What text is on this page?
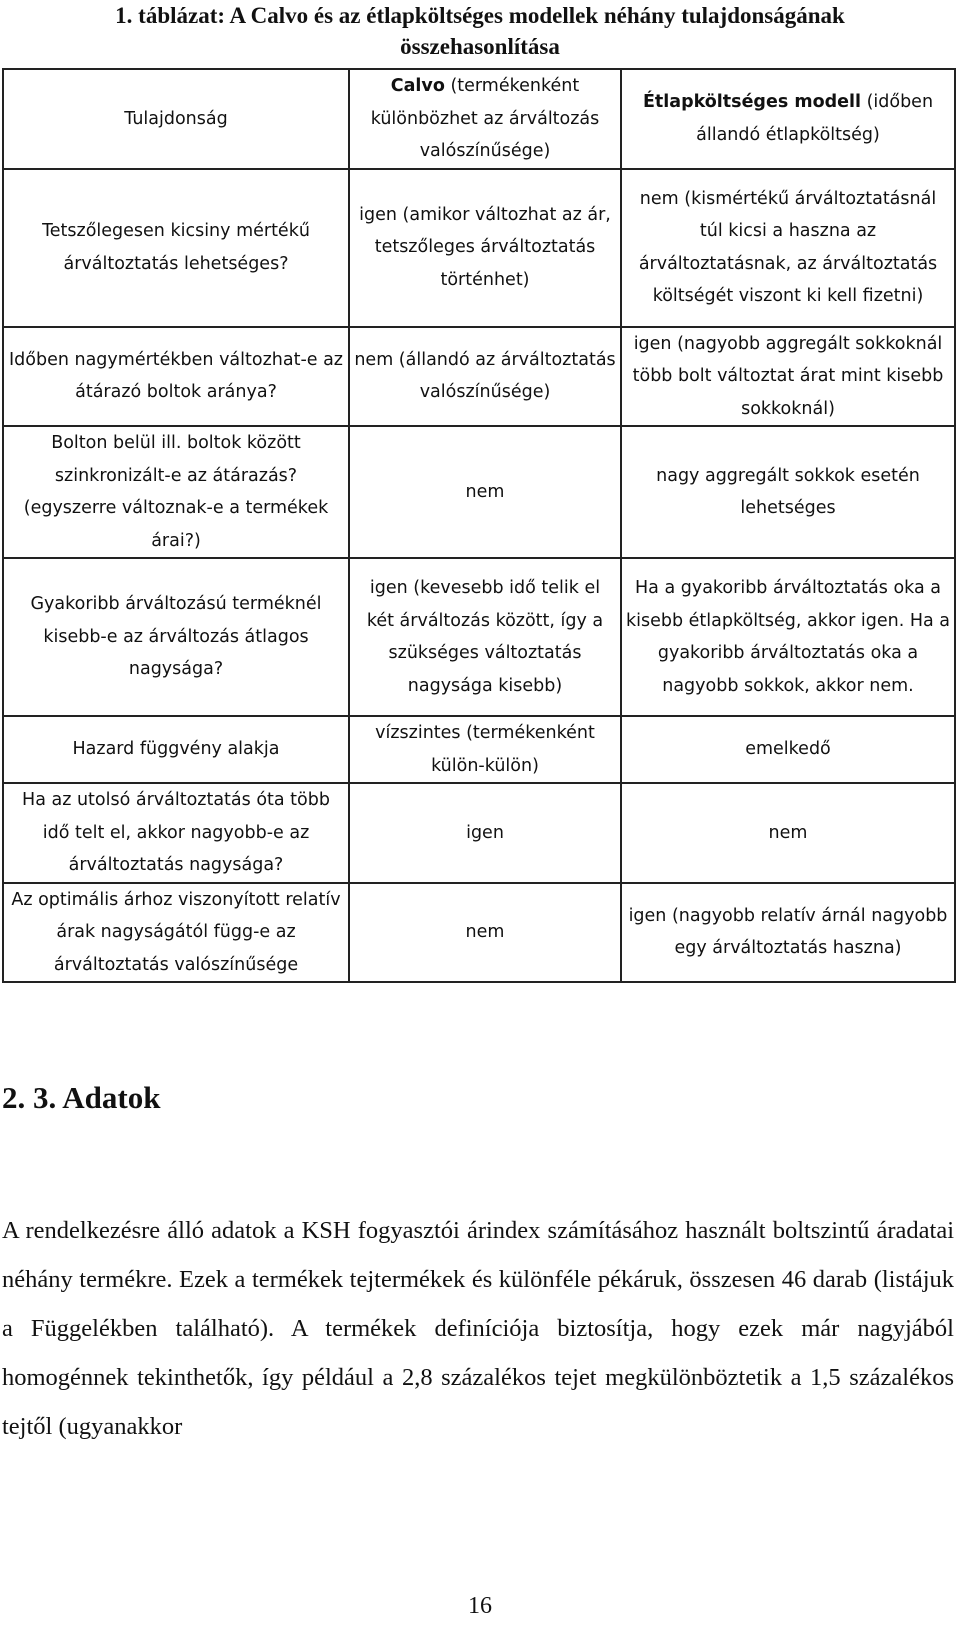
1. táblázat: A Calvo és az étlapköltséges modellek néhány tulajdonságának összehasonlítása
Tulajdonság	Calvo (termékenként különbözhet az árváltozás valószínűsége)	Étlapköltséges modell (időben állandó étlapköltség)
Tetszőlegesen kicsiny mértékű árváltoztatás lehetséges?	igen (amikor változhat az ár, tetszőleges árváltoztatás történhet)	nem (kismértékű árváltoztatásnál túl kicsi a haszna az árváltoztatásnak, az árváltoztatás költségét viszont ki kell fizetni)
Időben nagymértékben változhat-e az átárazó boltok aránya?	nem (állandó az árváltoztatás valószínűsége)	igen (nagyobb aggregált sokkoknál több bolt változtat árat mint kisebb sokkoknál)
Bolton belül ill. boltok között szinkronizált-e az átárazás? (egyszerre változnak-e a termékek árai?)	nem	nagy aggregált sokkok esetén lehetséges
Gyakoribb árváltozású terméknél kisebb-e az árváltozás átlagos nagysága?	igen (kevesebb idő telik el két árváltozás között, így a szükséges változtatás nagysága kisebb)	Ha a gyakoribb árváltoztatás oka a kisebb étlapköltség, akkor igen. Ha a gyakoribb árváltoztatás oka a nagyobb sokkok, akkor nem.
Hazard függvény alakja	vízszintes (termékenként külön-külön)	emelkedő
Ha az utolsó árváltoztatás óta több idő telt el, akkor nagyobb-e az árváltoztatás nagysága?	igen	nem
Az optimális árhoz viszonyított relatív árak nagyságától függ-e az árváltoztatás valószínűsége	nem	igen (nagyobb relatív árnál nagyobb egy árváltoztatás haszna)
2. 3. Adatok
A rendelkezésre álló adatok a KSH fogyasztói árindex számításához használt boltszintű áradatai néhány termékre. Ezek a termékek tejtermékek és különféle pékáruk, összesen 46 darab (listájuk a Függelékben található). A termékek definíciója biztosítja, hogy ezek már nagyjából homogénnek tekinthetők, így például a 2,8 százalékos tejet megkülönböztetik a 1,5 százalékos tejtől (ugyanakkor
16
